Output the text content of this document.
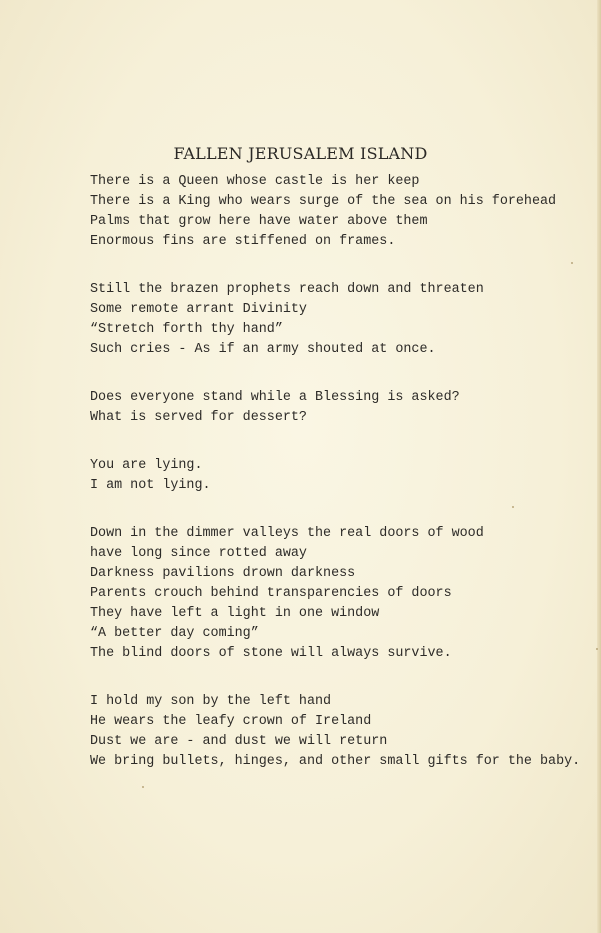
FALLEN JERUSALEM ISLAND
There is a Queen whose castle is her keep
There is a King who wears surge of the sea on his forehead
Palms that grow here have water above them
Enormous fins are stiffened on frames.
Still the brazen prophets reach down and threaten
Some remote arrant Divinity
“Stretch forth thy hand”
Such cries - As if an army shouted at once.
Does everyone stand while a Blessing is asked?
What is served for dessert?
You are lying.
I am not lying.
Down in the dimmer valleys the real doors of wood
have long since rotted away
Darkness pavilions drown darkness
Parents crouch behind transparencies of doors
They have left a light in one window
“A better day coming”
The blind doors of stone will always survive.
I hold my son by the left hand
He wears the leafy crown of Ireland
Dust we are - and dust we will return
We bring bullets, hinges, and other small gifts for the baby.
